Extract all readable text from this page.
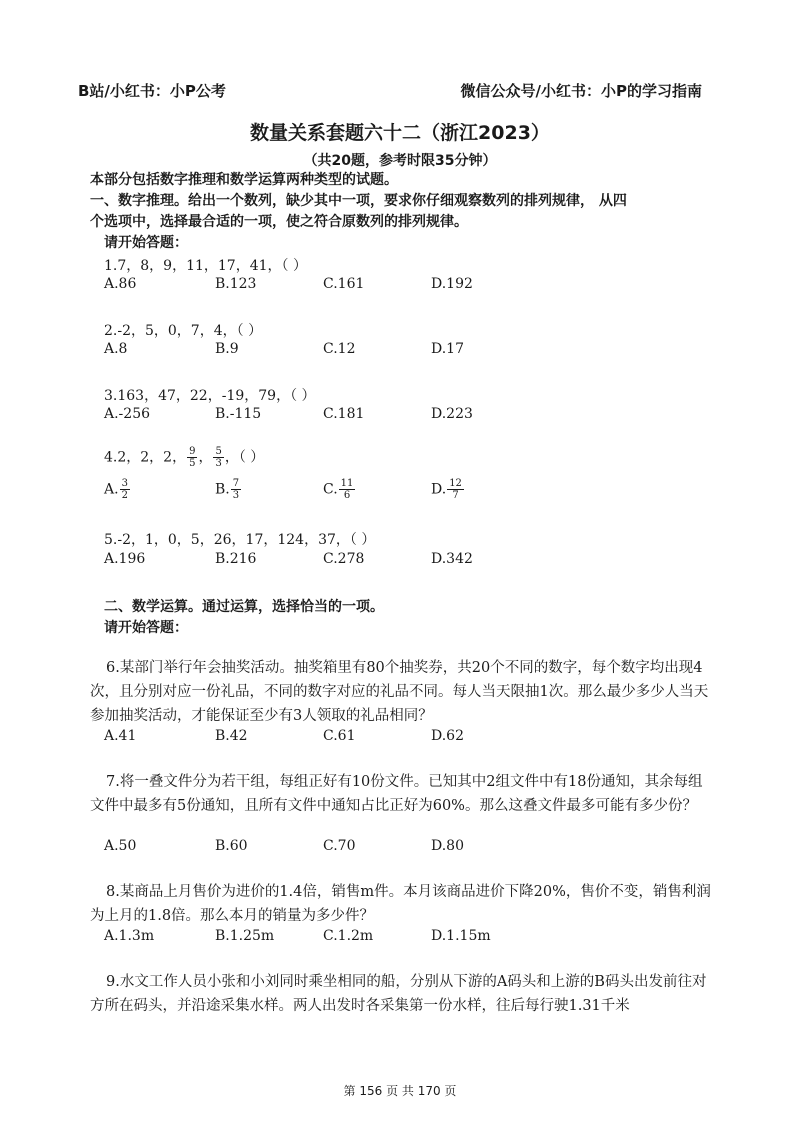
B站/小红书：小P公考	微信公众号/小红书：小P的学习指南
数量关系套题六十二（浙江2023）
（共20题，参考时限35分钟）
本部分包括数字推理和数学运算两种类型的试题。
一、数字推理。给出一个数列，缺少其中一项，要求你仔细观察数列的排列规律， 从四
个选项中，选择最合适的一项，使之符合原数列的排列规律。
请开始答题：
1.7，8，9，11，17，41，（ ）
A.86	B.123	C.161	D.192
2.-2，5，0，7，4，（ ）
A.8	B.9	C.12	D.17
3.163，47，22，-19，79，（ ）
A.-256	B.-115	C.181	D.223
4.2，2，2， $\frac{9}{5}$ ， $\frac{5}{3}$ ，（ ）
A. $\frac{3}{2}$	B. $\frac{7}{3}$	C. $\frac{11}{6}$	D. $\frac{12}{7}$
5.-2，1，0，5，26，17，124，37，（ ）
A.196	B.216	C.278	D.342
二、数学运算。通过运算，选择恰当的一项。
请开始答题：
6.某部门举行年会抽奖活动。抽奖箱里有80个抽奖券，共20个不同的数字，每个数字均出现4次，且分别对应一份礼品，不同的数字对应的礼品不同。每人当天限抽1次。那么最少多少人当天参加抽奖活动，才能保证至少有3人领取的礼品相同？
A.41	B.42	C.61	D.62
7.将一叠文件分为若干组，每组正好有10份文件。已知其中2组文件中有18份通知，其余每组文件中最多有5份通知，且所有文件中通知占比正好为60%。那么这叠文件最多可能有多少份？
A.50	B.60	C.70	D.80
8.某商品上月售价为进价的1.4倍，销售m件。本月该商品进价下降20%，售价不变，销售利润为上月的1.8倍。那么本月的销量为多少件？
A.1.3m	B.1.25m	C.1.2m	D.1.15m
9.水文工作人员小张和小刘同时乘坐相同的船，分别从下游的A码头和上游的B码头出发前往对方所在码头，并沿途采集水样。两人出发时各采集第一份水样，往后每行驶1.31千米
第 156 页 共 170 页
